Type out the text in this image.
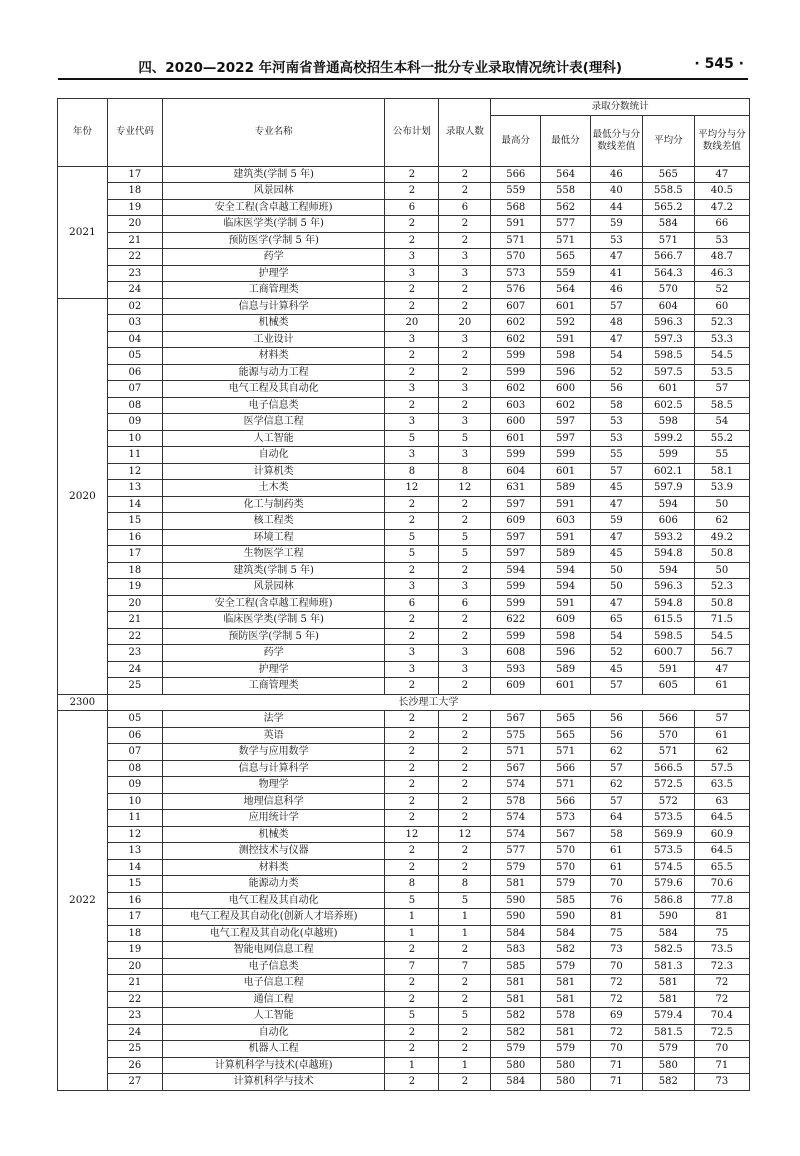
四、2020—2022 年河南省普通高校招生本科一批分专业录取情况统计表(理科)	· 545 ·
年份	专业代码	专业名称	公布计划	录取人数	录取分数统计				
					最高分	最低分	最低分与分数线差值	平均分	平均分与分数线差值
2021	17	建筑类(学制 5 年)	2	2	566	564	46	565	47
	18	风景园林	2	2	559	558	40	558.5	40.5
	19	安全工程(含卓越工程师班)	6	6	568	562	44	565.2	47.2
	20	临床医学类(学制 5 年)	2	2	591	577	59	584	66
	21	预防医学(学制 5 年)	2	2	571	571	53	571	53
	22	药学	3	3	570	565	47	566.7	48.7
	23	护理学	3	3	573	559	41	564.3	46.3
	24	工商管理类	2	2	576	564	46	570	52
2020	02	信息与计算科学	2	2	607	601	57	604	60
	03	机械类	20	20	602	592	48	596.3	52.3
	04	工业设计	3	3	602	591	47	597.3	53.3
	05	材料类	2	2	599	598	54	598.5	54.5
	06	能源与动力工程	2	2	599	596	52	597.5	53.5
	07	电气工程及其自动化	3	3	602	600	56	601	57
	08	电子信息类	2	2	603	602	58	602.5	58.5
	09	医学信息工程	3	3	600	597	53	598	54
	10	人工智能	5	5	601	597	53	599.2	55.2
	11	自动化	3	3	599	599	55	599	55
	12	计算机类	8	8	604	601	57	602.1	58.1
	13	土木类	12	12	631	589	45	597.9	53.9
	14	化工与制药类	2	2	597	591	47	594	50
	15	核工程类	2	2	609	603	59	606	62
	16	环境工程	5	5	597	591	47	593.2	49.2
	17	生物医学工程	5	5	597	589	45	594.8	50.8
	18	建筑类(学制 5 年)	2	2	594	594	50	594	50
	19	风景园林	3	3	599	594	50	596.3	52.3
	20	安全工程(含卓越工程师班)	6	6	599	591	47	594.8	50.8
	21	临床医学类(学制 5 年)	2	2	622	609	65	615.5	71.5
	22	预防医学(学制 5 年)	2	2	599	598	54	598.5	54.5
	23	药学	3	3	608	596	52	600.7	56.7
	24	护理学	3	3	593	589	45	591	47
	25	工商管理类	2	2	609	601	57	605	61
2300	长沙理工大学								
2022	05	法学	2	2	567	565	56	566	57
	06	英语	2	2	575	565	56	570	61
	07	数学与应用数学	2	2	571	571	62	571	62
	08	信息与计算科学	2	2	567	566	57	566.5	57.5
	09	物理学	2	2	574	571	62	572.5	63.5
	10	地理信息科学	2	2	578	566	57	572	63
	11	应用统计学	2	2	574	573	64	573.5	64.5
	12	机械类	12	12	574	567	58	569.9	60.9
	13	测控技术与仪器	2	2	577	570	61	573.5	64.5
	14	材料类	2	2	579	570	61	574.5	65.5
	15	能源动力类	8	8	581	579	70	579.6	70.6
	16	电气工程及其自动化	5	5	590	585	76	586.8	77.8
	17	电气工程及其自动化(创新人才培养班)	1	1	590	590	81	590	81
	18	电气工程及其自动化(卓越班)	1	1	584	584	75	584	75
	19	智能电网信息工程	2	2	583	582	73	582.5	73.5
	20	电子信息类	7	7	585	579	70	581.3	72.3
	21	电子信息工程	2	2	581	581	72	581	72
	22	通信工程	2	2	581	581	72	581	72
	23	人工智能	5	5	582	578	69	579.4	70.4
	24	自动化	2	2	582	581	72	581.5	72.5
	25	机器人工程	2	2	579	579	70	579	70
	26	计算机科学与技术(卓越班)	1	1	580	580	71	580	71
	27	计算机科学与技术	2	2	584	580	71	582	73
